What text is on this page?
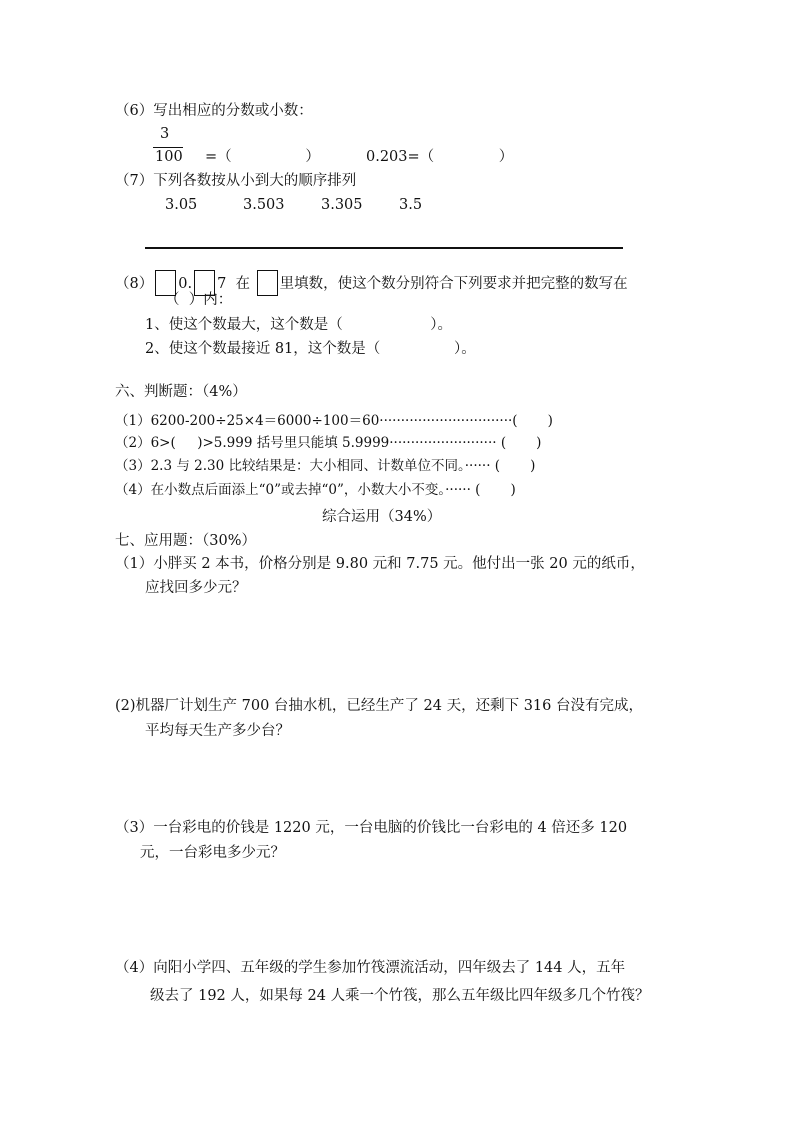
（6）写出相应的分数或小数：
3
100 =（                ）	0.203=（              ）
（7）下列各数按从小到大的顺序排列
3.05	3.503	3.305	3.5
（8） 0. 7  在 里填数，使这个数分别符合下列要求并把完整的数写在
（  ）内：
1、使这个数最大，这个数是（                   ）。
2、使这个数最接近 81，这个数是（                ）。
六、判断题：（4%）
（1）6200-200÷25×4＝6000÷100＝60·······························(       )
（2）6>(     )>5.999 括号里只能填 5.9999························· (       )
（3）2.3 与 2.30 比较结果是：大小相同、计数单位不同。······ (       )
（4）在小数点后面添上“0”或去掉“0”，小数大小不变。······ (       )
综合运用（34%）
七、应用题：（30%）
（1）小胖买 2 本书，价格分别是 9.80 元和 7.75 元。他付出一张 20 元的纸币，
应找回多少元？
(2)机器厂计划生产 700 台抽水机，已经生产了 24 天，还剩下 316 台没有完成，
平均每天生产多少台？
（3）一台彩电的价钱是 1220 元，一台电脑的价钱比一台彩电的 4 倍还多 120
元，一台彩电多少元？
（4）向阳小学四、五年级的学生参加竹筏漂流活动，四年级去了 144 人，五年
级去了 192 人，如果每 24 人乘一个竹筏，那么五年级比四年级多几个竹筏？
